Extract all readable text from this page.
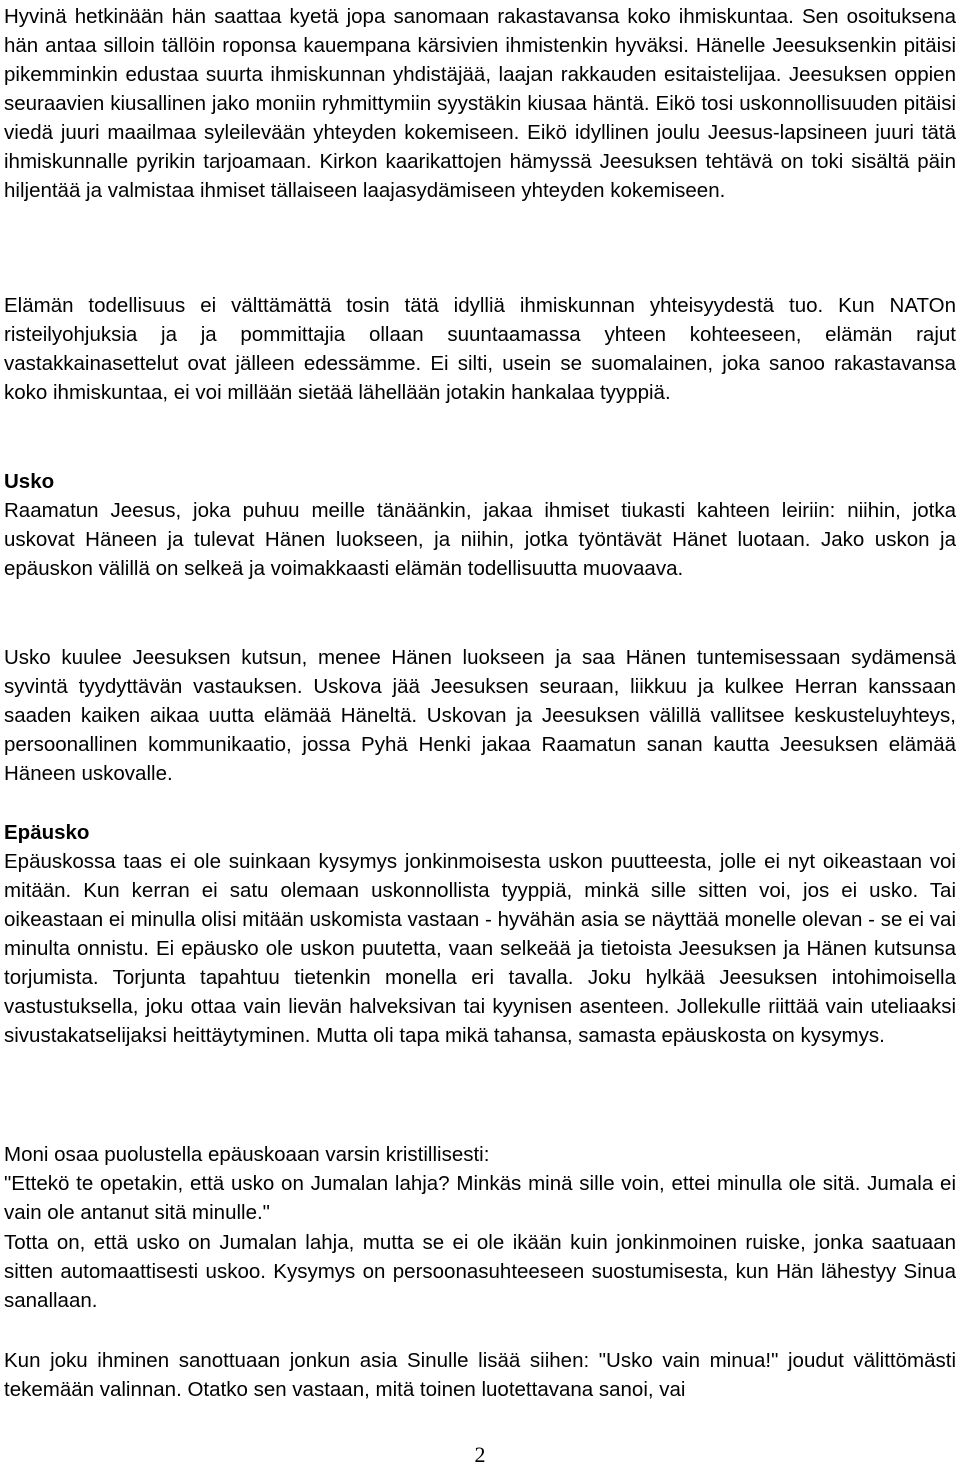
Hyvinä hetkinään hän saattaa kyetä jopa sanomaan rakastavansa koko ihmiskuntaa. Sen osoituksena hän antaa silloin tällöin roponsa kauempana kärsivien ihmistenkin hyväksi. Hänelle Jeesuksenkin pitäisi pikemminkin edustaa suurta ihmiskunnan yhdistäjää, laajan rakkauden esitaistelijaa. Jeesuksen oppien seuraavien kiusallinen jako moniin ryhmittymiin syystäkin kiusaa häntä. Eikö tosi uskonnollisuuden pitäisi viedä juuri maailmaa syleilevään yhteyden kokemiseen. Eikö idyllinen joulu Jeesus-lapsineen juuri tätä ihmiskunnalle pyrikin tarjoamaan. Kirkon kaarikattojen hämyssä Jeesuksen tehtävä on toki sisältä päin hiljentää ja valmistaa ihmiset tällaiseen laajasydämiseen yhteyden kokemiseen.

Elämän todellisuus ei välttämättä tosin tätä idylliä ihmiskunnan yhteisyydestä tuo. Kun NATOn risteilyohjuksia ja ja pommittajia ollaan suuntaamassa yhteen kohteeseen, elämän rajut vastakkainasettelut ovat jälleen edessämme. Ei silti, usein se suomalainen, joka sanoo rakastavansa koko ihmiskuntaa, ei voi millään sietää lähellään jotakin hankalaa tyyppiä.

Usko

Raamatun Jeesus, joka puhuu meille tänäänkin, jakaa ihmiset tiukasti kahteen leiriin: niihin, jotka uskovat Häneen ja tulevat Hänen luokseen, ja niihin, jotka työntävät Hänet luotaan. Jako uskon ja epäuskon välillä on selkeä ja voimakkaasti elämän todellisuutta muovaava.

Usko kuulee Jeesuksen kutsun, menee Hänen luokseen ja saa Hänen tuntemisessaan sydämensä syvintä tyydyttävän vastauksen. Uskova jää Jeesuksen seuraan, liikkuu ja kulkee Herran kanssaan saaden kaiken aikaa uutta elämää Häneltä. Uskovan ja Jeesuksen välillä vallitsee keskusteluyhteys, persoonallinen kommunikaatio, jossa Pyhä Henki jakaa Raamatun sanan kautta Jeesuksen elämää Häneen uskovalle.

Epäusko

Epäuskossa taas ei ole suinkaan kysymys jonkinmoisesta uskon puutteesta, jolle ei nyt oikeastaan voi mitään. Kun kerran ei satu olemaan uskonnollista tyyppiä, minkä sille sitten voi, jos ei usko. Tai oikeastaan ei minulla olisi mitään uskomista vastaan - hyvähän asia se näyttää monelle olevan - se ei vai minulta onnistu. Ei epäusko ole uskon puutetta, vaan selkeää ja tietoista Jeesuksen ja Hänen kutsunsa torjumista. Torjunta tapahtuu tietenkin monella eri tavalla. Joku hylkää Jeesuksen intohimoisella vastustuksella, joku ottaa vain lievän halveksivan tai kyynisen asenteen. Jollekulle riittää vain uteliaaksi sivustakatselijaksi heittäytyminen. Mutta oli tapa mikä tahansa, samasta epäuskosta on kysymys.

Moni osaa puolustella epäuskoaan varsin kristillisesti:

"Ettekö te opetakin, että usko on Jumalan lahja? Minkäs minä sille voin, ettei minulla ole sitä. Jumala ei vain ole antanut sitä minulle."

Totta on, että usko on Jumalan lahja, mutta se ei ole ikään kuin jonkinmoinen ruiske, jonka saatuaan sitten automaattisesti uskoo. Kysymys on persoonasuhteeseen suostumisesta, kun Hän lähestyy Sinua sanallaan.

Kun joku ihminen sanottuaan jonkun asia Sinulle lisää siihen: "Usko vain minua!" joudut välittömästi tekemään valinnan. Otatko sen vastaan, mitä toinen luotettavana sanoi, vai

2
